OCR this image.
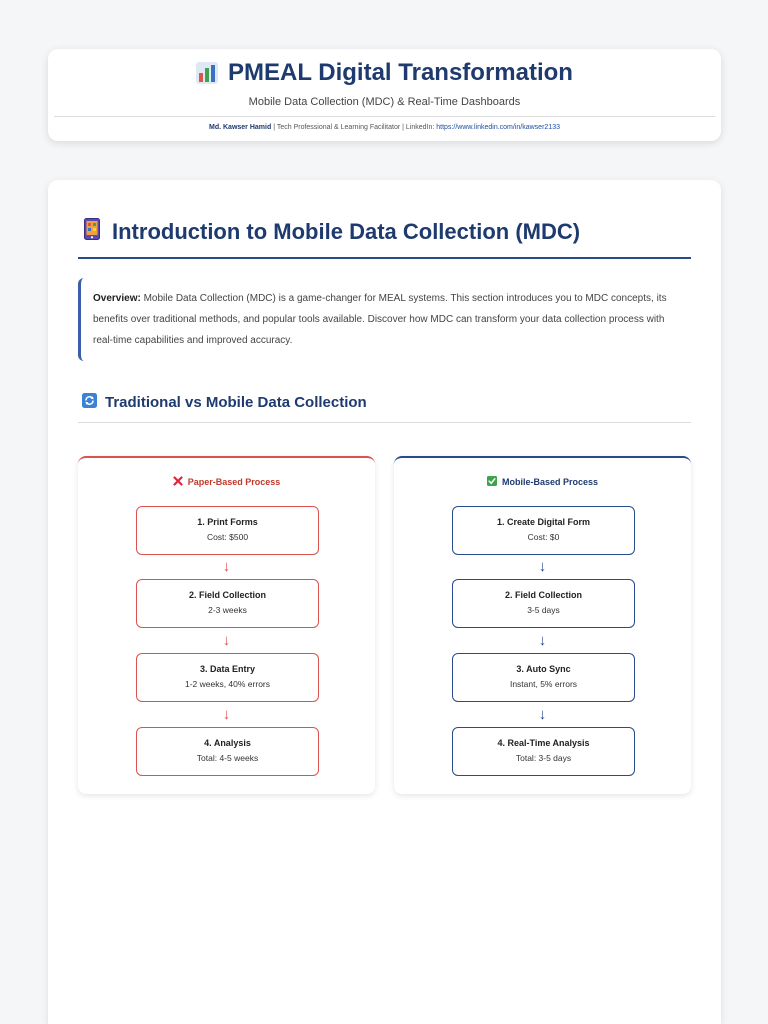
PMEAL Digital Transformation
Mobile Data Collection (MDC) & Real-Time Dashboards
Md. Kawser Hamid | Tech Professional & Learning Facilitator | LinkedIn: https://www.linkedin.com/in/kawser2133
Introduction to Mobile Data Collection (MDC)
Overview: Mobile Data Collection (MDC) is a game-changer for MEAL systems. This section introduces you to MDC concepts, its benefits over traditional methods, and popular tools available. Discover how MDC can transform your data collection process with real-time capabilities and improved accuracy.
Traditional vs Mobile Data Collection
Paper-Based Process
1. Print Forms
Cost: $500
↓
2. Field Collection
2-3 weeks
↓
3. Data Entry
1-2 weeks, 40% errors
↓
4. Analysis
Total: 4-5 weeks
Mobile-Based Process
1. Create Digital Form
Cost: $0
↓
2. Field Collection
3-5 days
↓
3. Auto Sync
Instant, 5% errors
↓
4. Real-Time Analysis
Total: 3-5 days
